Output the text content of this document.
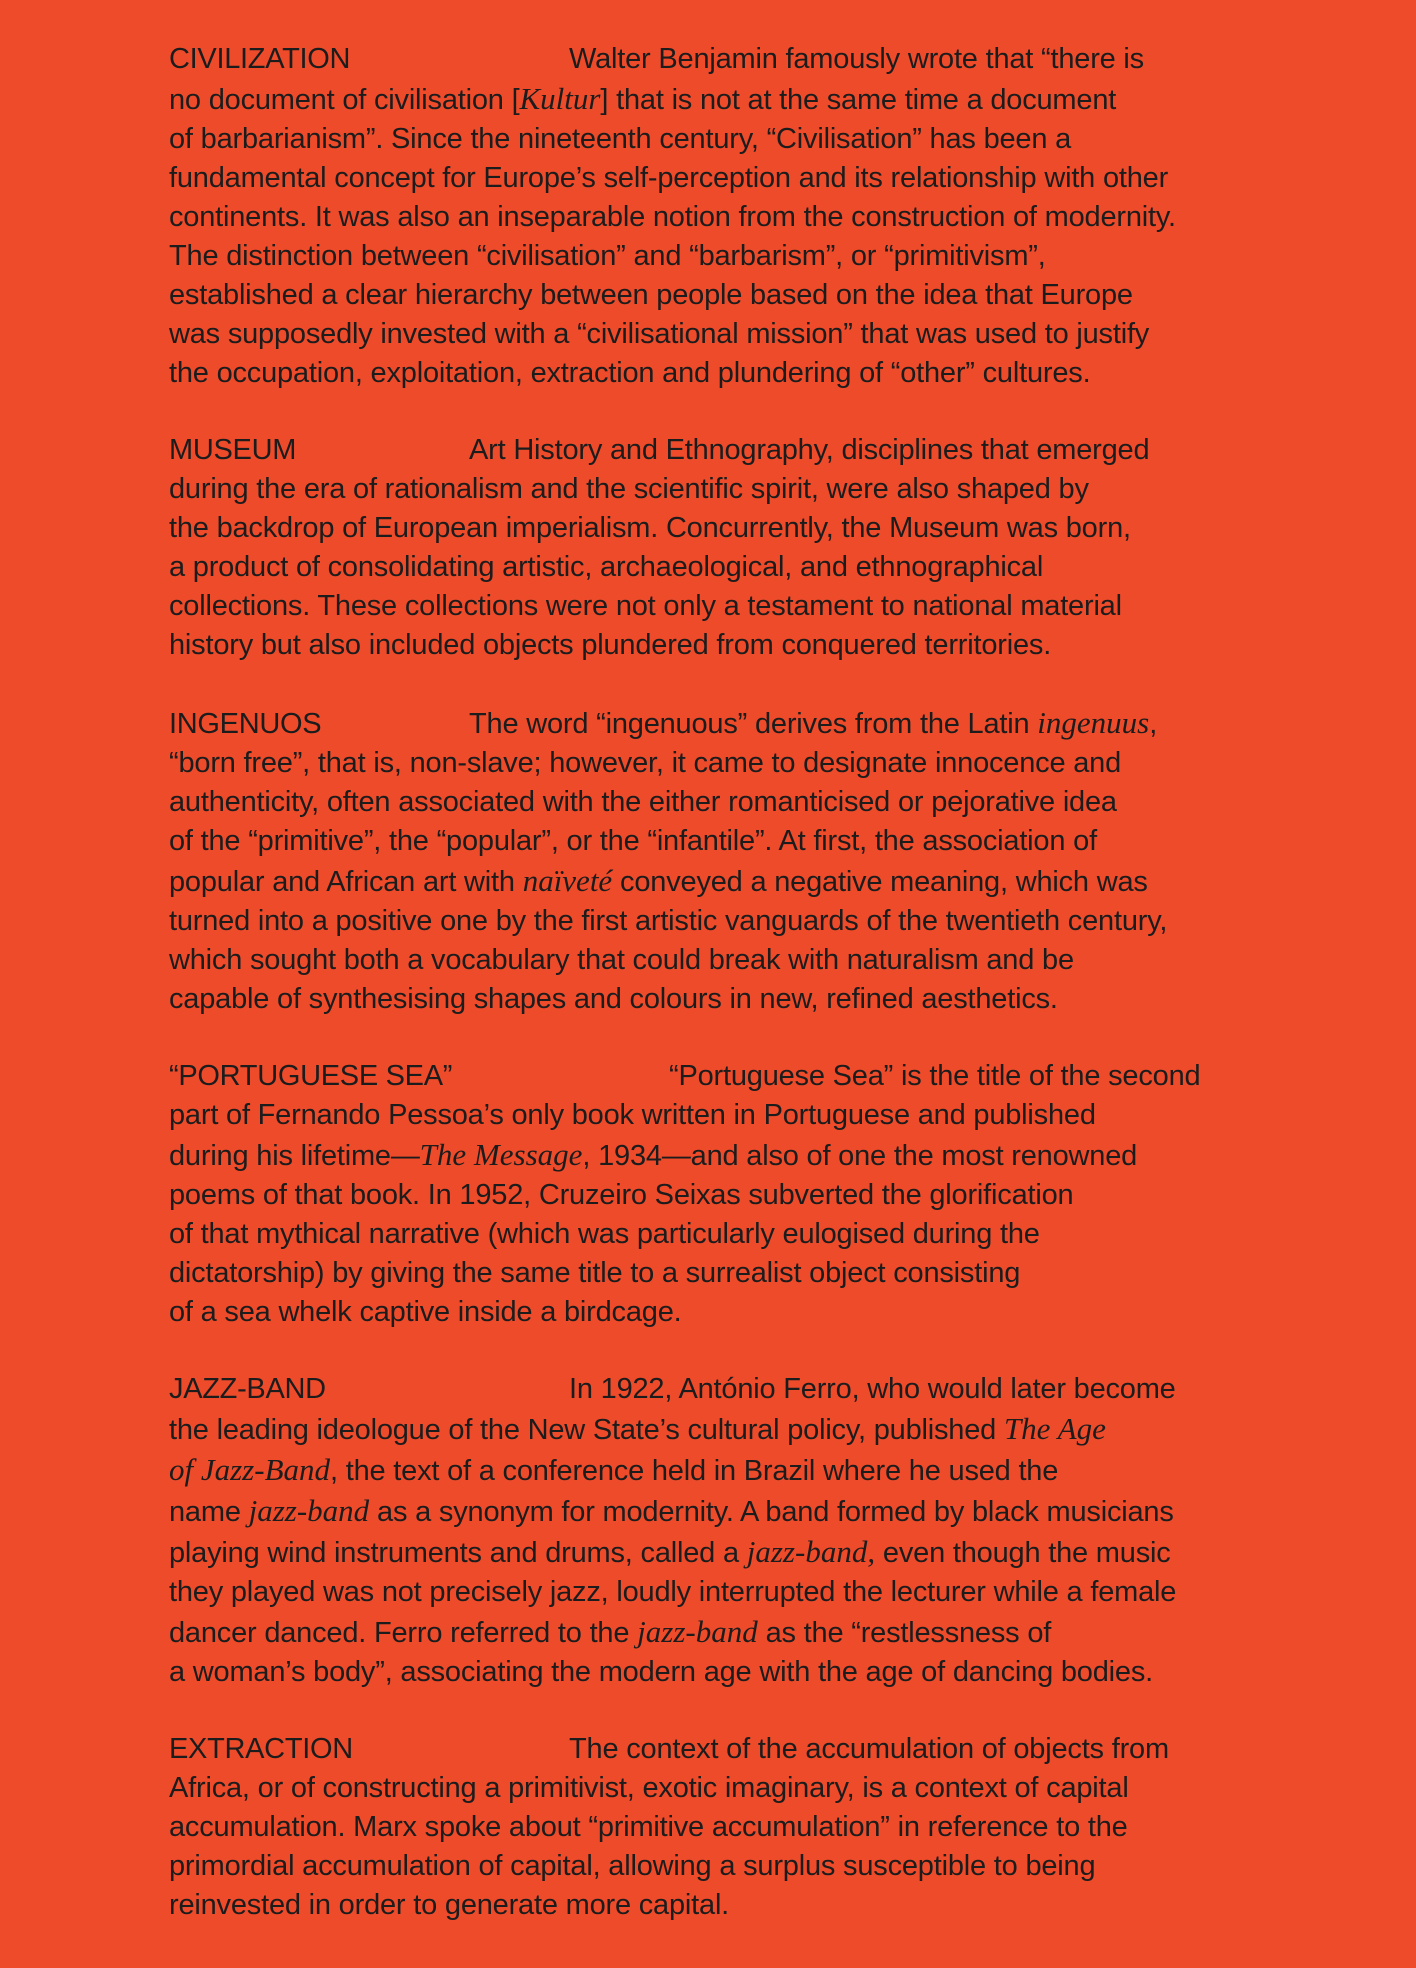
CIVILIZATION	Walter Benjamin famously wrote that “there is
no document of civilisation [Kultur] that is not at the same time a document
of barbarianism”. Since the nineteenth century, “Civilisation” has been a
fundamental concept for Europe’s self-perception and its relationship with other
continents. It was also an inseparable notion from the construction of modernity.
The distinction between “civilisation” and “barbarism”, or “primitivism”,
established a clear hierarchy between people based on the idea that Europe
was supposedly invested with a “civilisational mission” that was used to justify
the occupation, exploitation, extraction and plundering of “other” cultures.
MUSEUM	Art History and Ethnography, disciplines that emerged
during the era of rationalism and the scientific spirit, were also shaped by
the backdrop of European imperialism. Concurrently, the Museum was born,
a product of consolidating artistic, archaeological, and ethnographical
collections. These collections were not only a testament to national material
history but also included objects plundered from conquered territories.
INGENUOS	The word “ingenuous” derives from the Latin ingenuus,
“born free”, that is, non-slave; however, it came to designate innocence and
authenticity, often associated with the either romanticised or pejorative idea
of the “primitive”, the “popular”, or the “infantile”. At first, the association of
popular and African art with naïveté conveyed a negative meaning, which was
turned into a positive one by the first artistic vanguards of the twentieth century,
which sought both a vocabulary that could break with naturalism and be
capable of synthesising shapes and colours in new, refined aesthetics.
“PORTUGUESE SEA”	“Portuguese Sea” is the title of the second
part of Fernando Pessoa’s only book written in Portuguese and published
during his lifetime—The Message, 1934—and also of one the most renowned
poems of that book. In 1952, Cruzeiro Seixas subverted the glorification
of that mythical narrative (which was particularly eulogised during the
dictatorship) by giving the same title to a surrealist object consisting
of a sea whelk captive inside a birdcage.
JAZZ-BAND	In 1922, António Ferro, who would later become
the leading ideologue of the New State’s cultural policy, published The Age
of Jazz-Band, the text of a conference held in Brazil where he used the
name jazz-band as a synonym for modernity. A band formed by black musicians
playing wind instruments and drums, called a jazz-band, even though the music
they played was not precisely jazz, loudly interrupted the lecturer while a female
dancer danced. Ferro referred to the jazz-band as the “restlessness of
a woman’s body”, associating the modern age with the age of dancing bodies.
EXTRACTION	The context of the accumulation of objects from
Africa, or of constructing a primitivist, exotic imaginary, is a context of capital
accumulation. Marx spoke about “primitive accumulation” in reference to the
primordial accumulation of capital, allowing a surplus susceptible to being
reinvested in order to generate more capital.
